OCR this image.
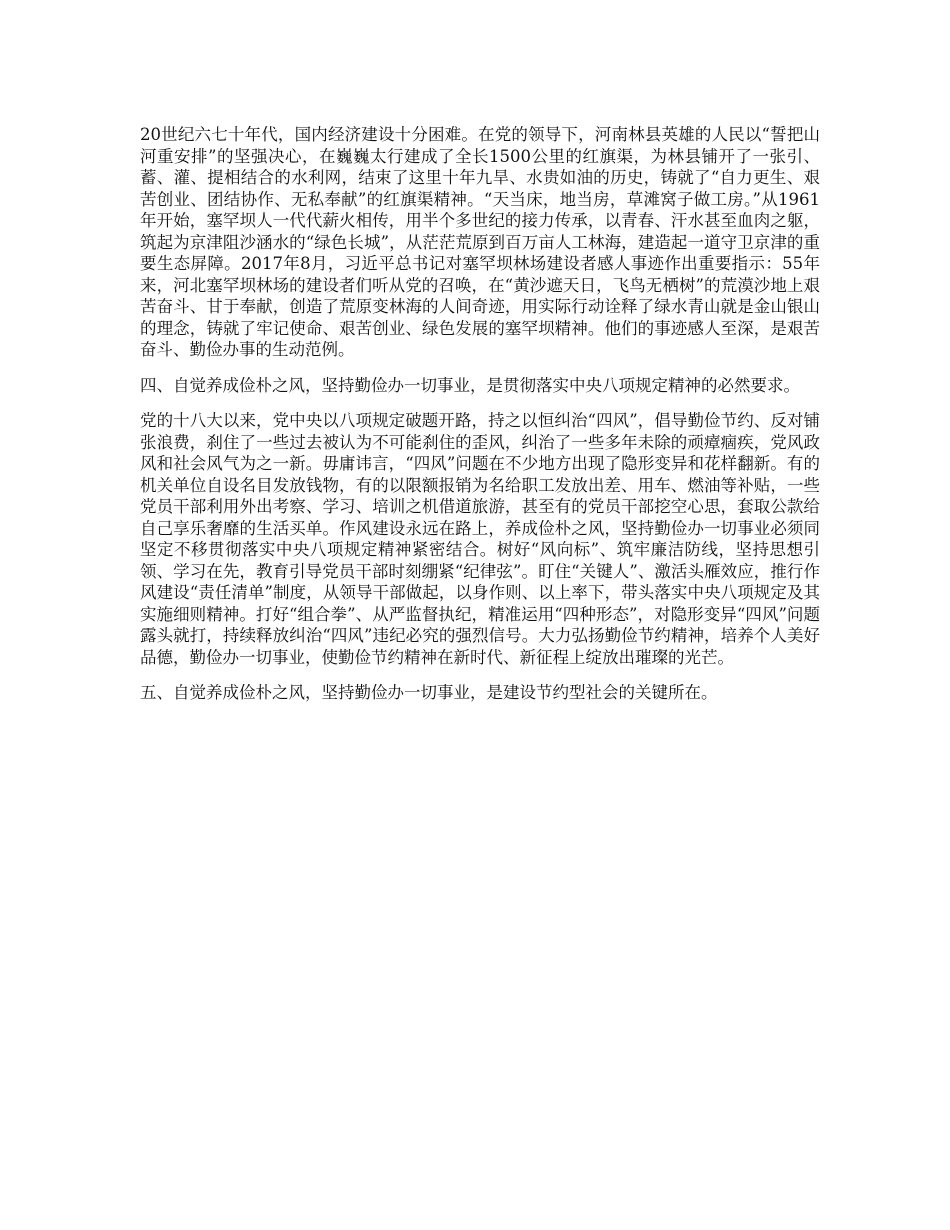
20世纪六七十年代，国内经济建设十分困难。在党的领导下，河南林县英雄的人民以“誓把山河重安排”的坚强决心，在巍巍太行建成了全长1500公里的红旗渠，为林县铺开了一张引、蓄、灌、提相结合的水利网，结束了这里十年九旱、水贵如油的历史，铸就了“自力更生、艰苦创业、团结协作、无私奉献”的红旗渠精神。“天当床，地当房，草滩窝子做工房。”从1961年开始，塞罕坝人一代代薪火相传，用半个多世纪的接力传承，以青春、汗水甚至血肉之躯，筑起为京津阻沙涵水的“绿色长城”，从茫茫荒原到百万亩人工林海，建造起一道守卫京津的重要生态屏障。2017年8月，习近平总书记对塞罕坝林场建设者感人事迹作出重要指示：55年来，河北塞罕坝林场的建设者们听从党的召唤，在“黄沙遮天日，飞鸟无栖树”的荒漠沙地上艰苦奋斗、甘于奉献，创造了荒原变林海的人间奇迹，用实际行动诠释了绿水青山就是金山银山的理念，铸就了牢记使命、艰苦创业、绿色发展的塞罕坝精神。他们的事迹感人至深，是艰苦奋斗、勤俭办事的生动范例。

四、自觉养成俭朴之风，坚持勤俭办一切事业，是贯彻落实中央八项规定精神的必然要求。

党的十八大以来，党中央以八项规定破题开路，持之以恒纠治“四风”，倡导勤俭节约、反对铺张浪费，刹住了一些过去被认为不可能刹住的歪风，纠治了一些多年未除的顽瘴痼疾，党风政风和社会风气为之一新。毋庸讳言，“四风”问题在不少地方出现了隐形变异和花样翻新。有的机关单位自设名目发放钱物，有的以限额报销为名给职工发放出差、用车、燃油等补贴，一些党员干部利用外出考察、学习、培训之机借道旅游，甚至有的党员干部挖空心思，套取公款给自己享乐奢靡的生活买单。作风建设永远在路上，养成俭朴之风，坚持勤俭办一切事业必须同坚定不移贯彻落实中央八项规定精神紧密结合。树好“风向标”、筑牢廉洁防线，坚持思想引领、学习在先，教育引导党员干部时刻绷紧“纪律弦”。盯住“关键人”、激活头雁效应，推行作风建设“责任清单”制度，从领导干部做起，以身作则、以上率下，带头落实中央八项规定及其实施细则精神。打好“组合拳”、从严监督执纪，精准运用“四种形态”，对隐形变异“四风”问题露头就打，持续释放纠治“四风”违纪必究的强烈信号。大力弘扬勤俭节约精神，培养个人美好品德，勤俭办一切事业，使勤俭节约精神在新时代、新征程上绽放出璀璨的光芒。

五、自觉养成俭朴之风，坚持勤俭办一切事业，是建设节约型社会的关键所在。
